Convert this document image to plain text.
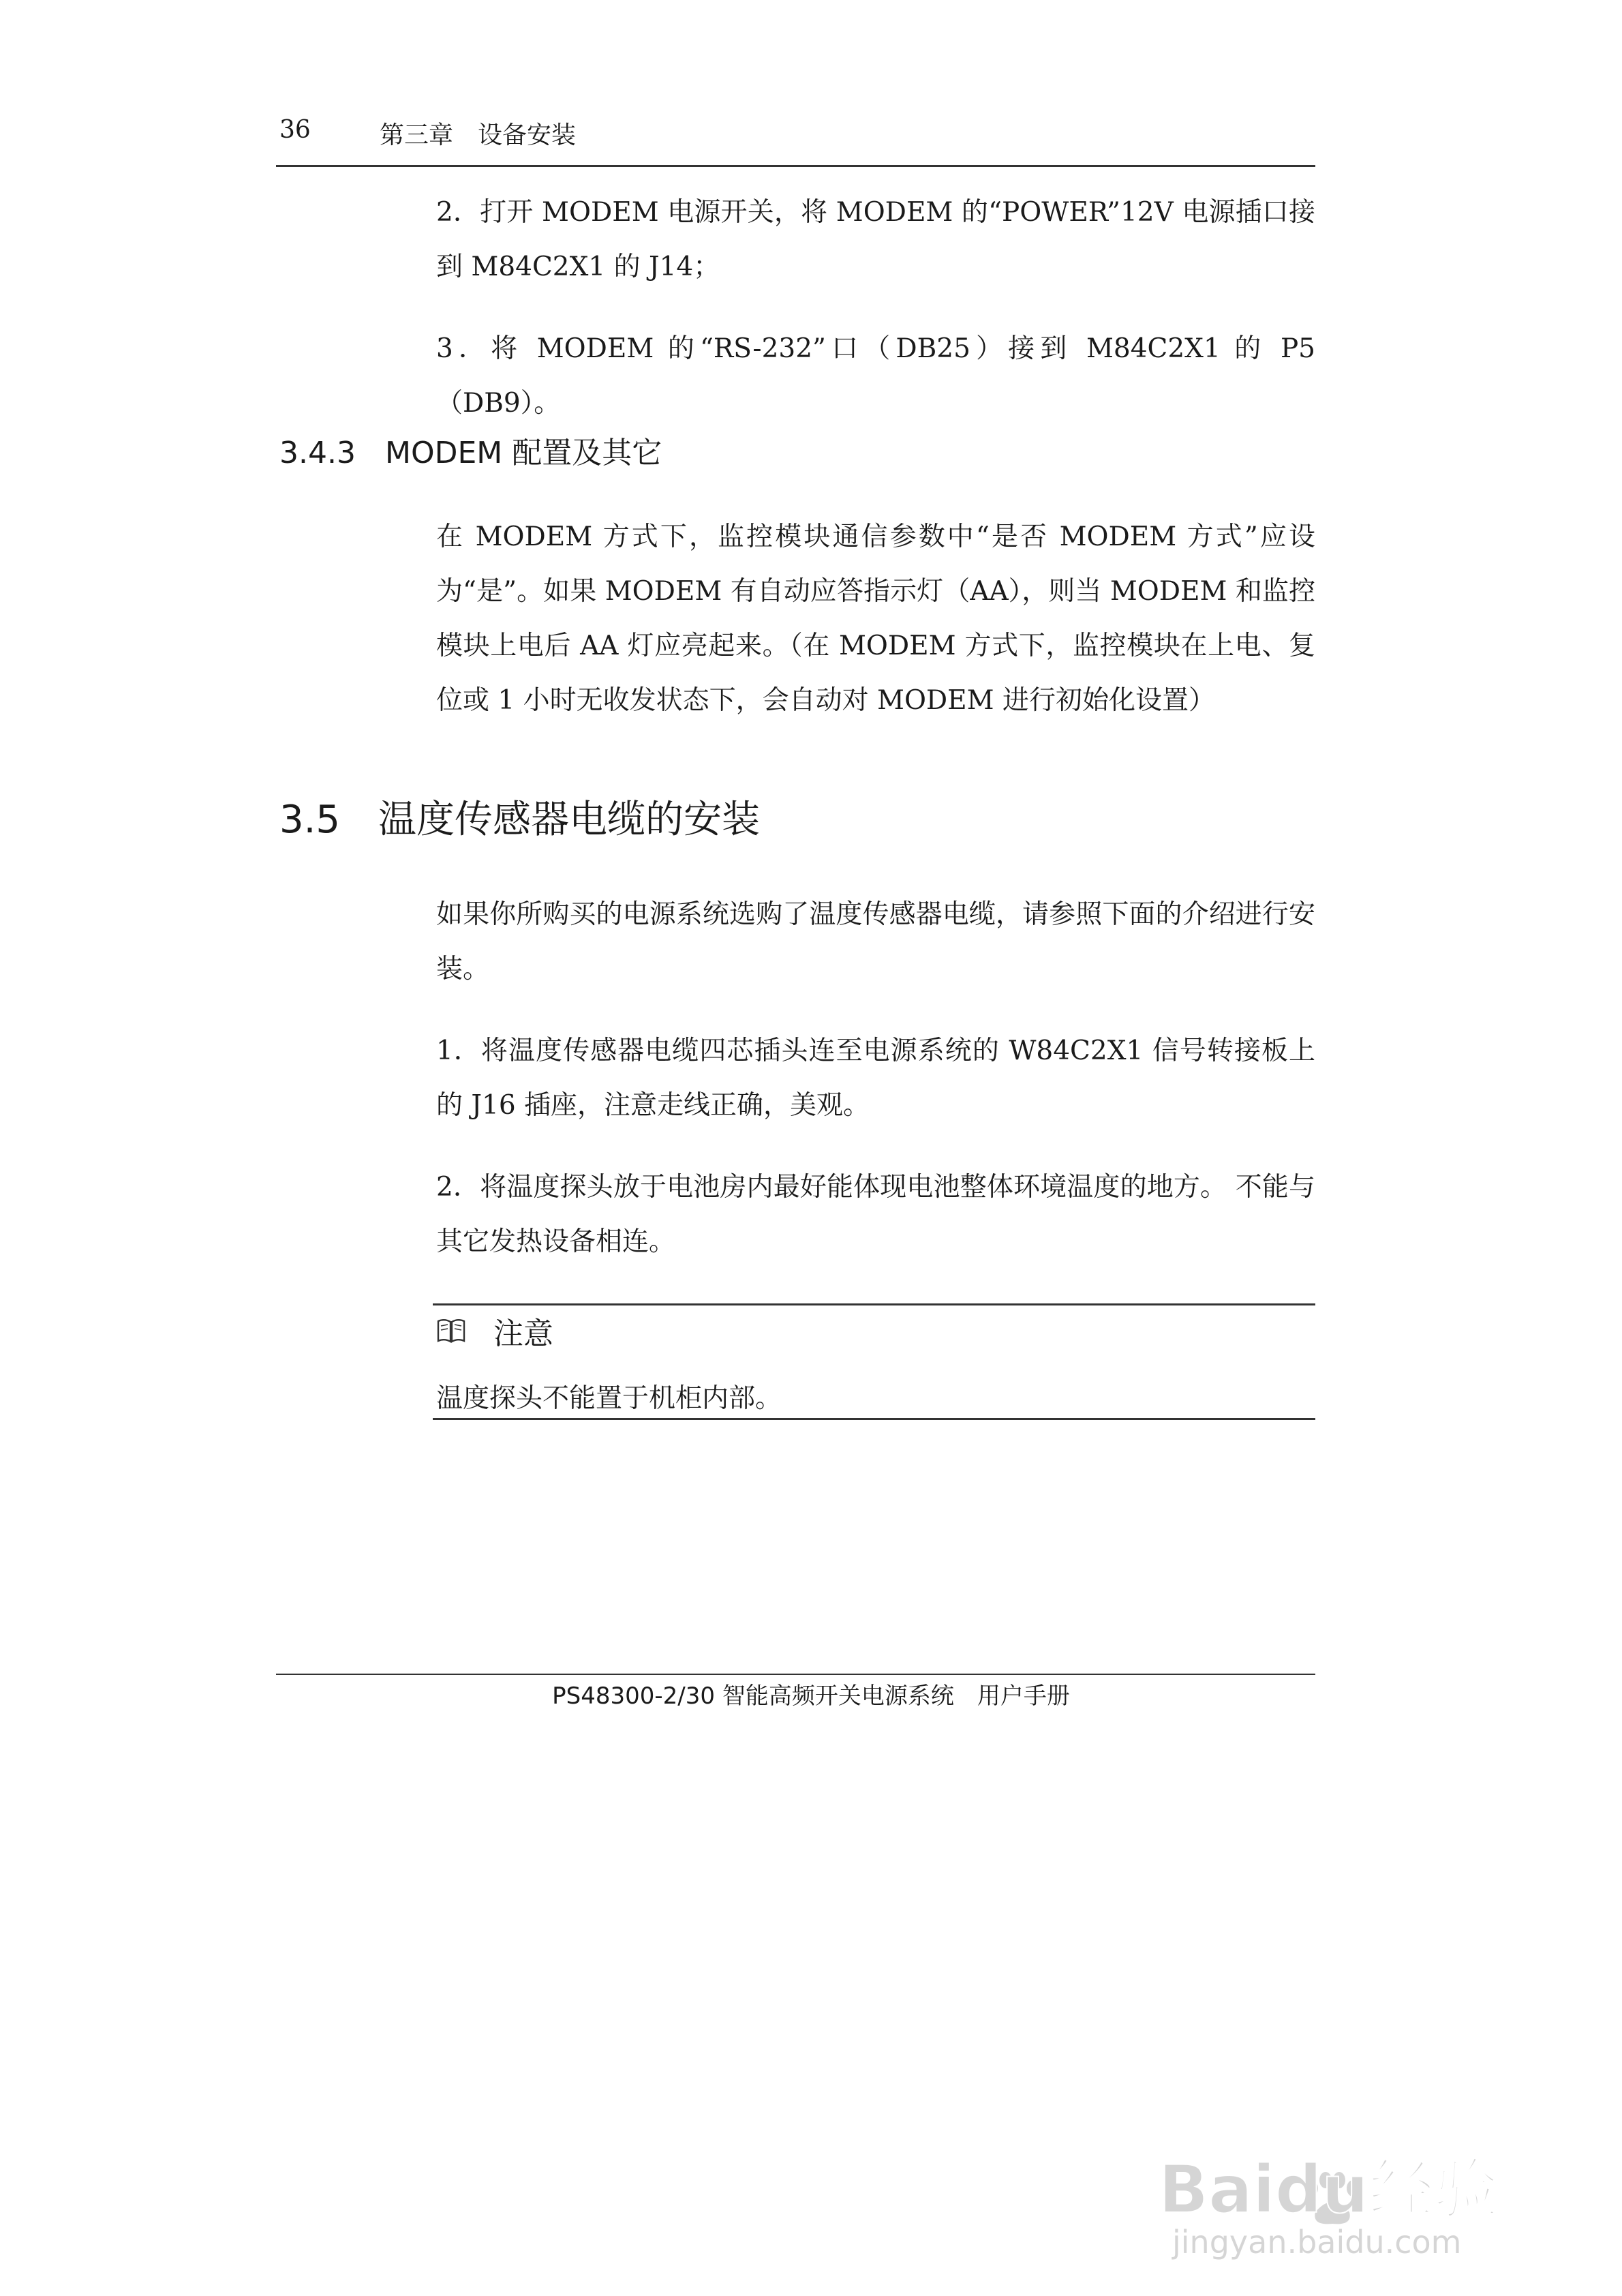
36	第三章　设备安装

2．打开 MODEM 电源开关，将 MODEM 的“POWER”12V 电源插口接到 M84C2X1 的 J14；

3．将 MODEM 的“RS-232”口（DB25）接到 M84C2X1 的 P5（DB9）。

3.4.3 MODEM 配置及其它

在 MODEM 方式下，监控模块通信参数中“是否 MODEM 方式”应设为“是”。如果 MODEM 有自动应答指示灯（AA），则当 MODEM 和监控模块上电后 AA 灯应亮起来。（在 MODEM 方式下，监控模块在上电、复位或 1 小时无收发状态下，会自动对 MODEM 进行初始化设置）

3.5 温度传感器电缆的安装

如果你所购买的电源系统选购了温度传感器电缆，请参照下面的介绍进行安装。

1．将温度传感器电缆四芯插头连至电源系统的 W84C2X1 信号转接板上的 J16 插座，注意走线正确，美观。

2．将温度探头放于电池房内最好能体现电池整体环境温度的地方。 不能与其它发热设备相连。

注意
温度探头不能置于机柜内部。
PS48300-2/30 智能高频开关电源系统　用户手册
Baidu经验
jingyan.baidu.com
